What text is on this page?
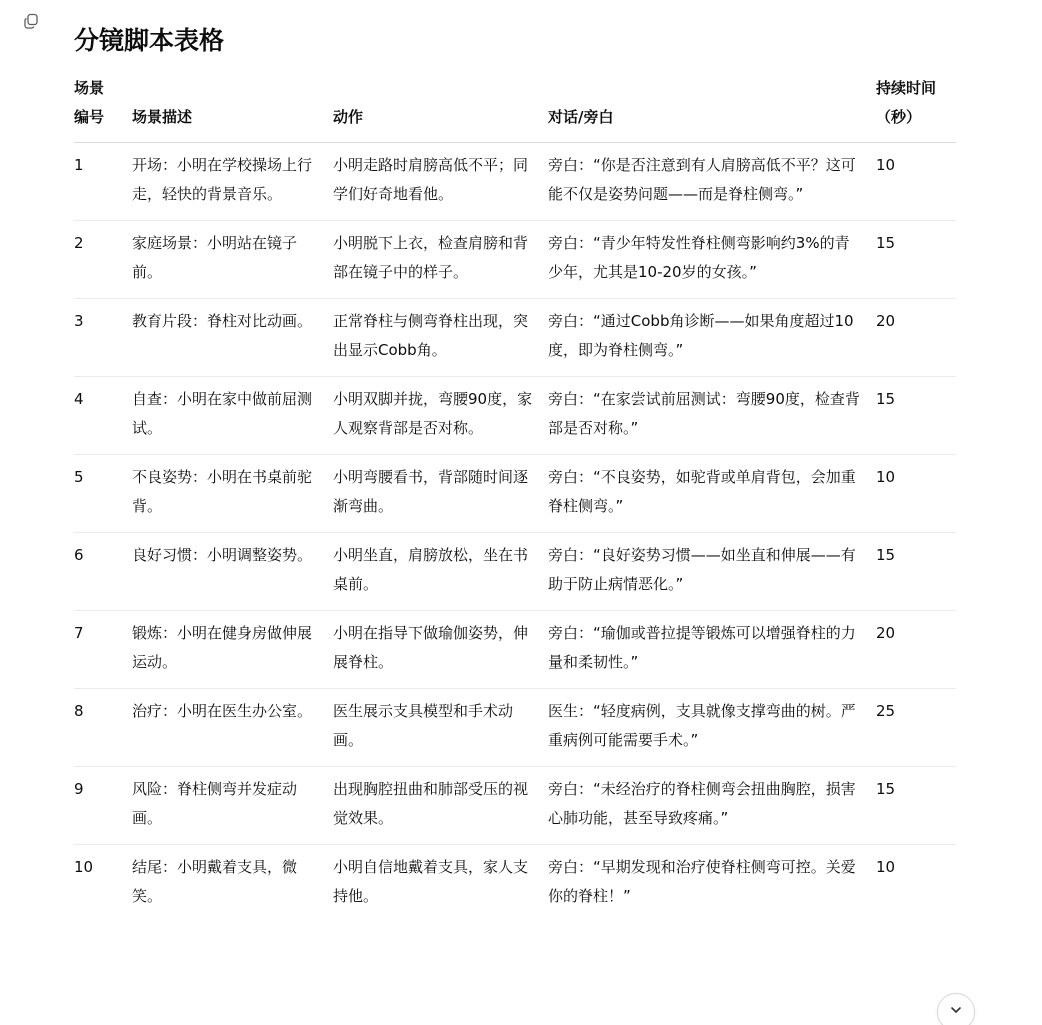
分镜脚本表格
场景编号	场景描述	动作	对话/旁白	持续时间（秒）
1	开场：小明在学校操场上行走，轻快的背景音乐。	小明走路时肩膀高低不平；同学们好奇地看他。	旁白：“你是否注意到有人肩膀高低不平？这可能不仅是姿势问题——而是脊柱侧弯。”	10
2	家庭场景：小明站在镜子前。	小明脱下上衣，检查肩膀和背部在镜子中的样子。	旁白：“青少年特发性脊柱侧弯影响约3%的青少年，尤其是10-20岁的女孩。”	15
3	教育片段：脊柱对比动画。	正常脊柱与侧弯脊柱出现，突出显示Cobb角。	旁白：“通过Cobb角诊断——如果角度超过10度，即为脊柱侧弯。”	20
4	自查：小明在家中做前屈测试。	小明双脚并拢，弯腰90度，家人观察背部是否对称。	旁白：“在家尝试前屈测试：弯腰90度，检查背部是否对称。”	15
5	不良姿势：小明在书桌前驼背。	小明弯腰看书，背部随时间逐渐弯曲。	旁白：“不良姿势，如驼背或单肩背包，会加重脊柱侧弯。”	10
6	良好习惯：小明调整姿势。	小明坐直，肩膀放松，坐在书桌前。	旁白：“良好姿势习惯——如坐直和伸展——有助于防止病情恶化。”	15
7	锻炼：小明在健身房做伸展运动。	小明在指导下做瑜伽姿势，伸展脊柱。	旁白：“瑜伽或普拉提等锻炼可以增强脊柱的力量和柔韧性。”	20
8	治疗：小明在医生办公室。	医生展示支具模型和手术动画。	医生：“轻度病例，支具就像支撑弯曲的树。严重病例可能需要手术。”	25
9	风险：脊柱侧弯并发症动画。	出现胸腔扭曲和肺部受压的视觉效果。	旁白：“未经治疗的脊柱侧弯会扭曲胸腔，损害心肺功能，甚至导致疼痛。”	15
10	结尾：小明戴着支具，微笑。	小明自信地戴着支具，家人支持他。	旁白：“早期发现和治疗使脊柱侧弯可控。关爱你的脊柱！”	10
